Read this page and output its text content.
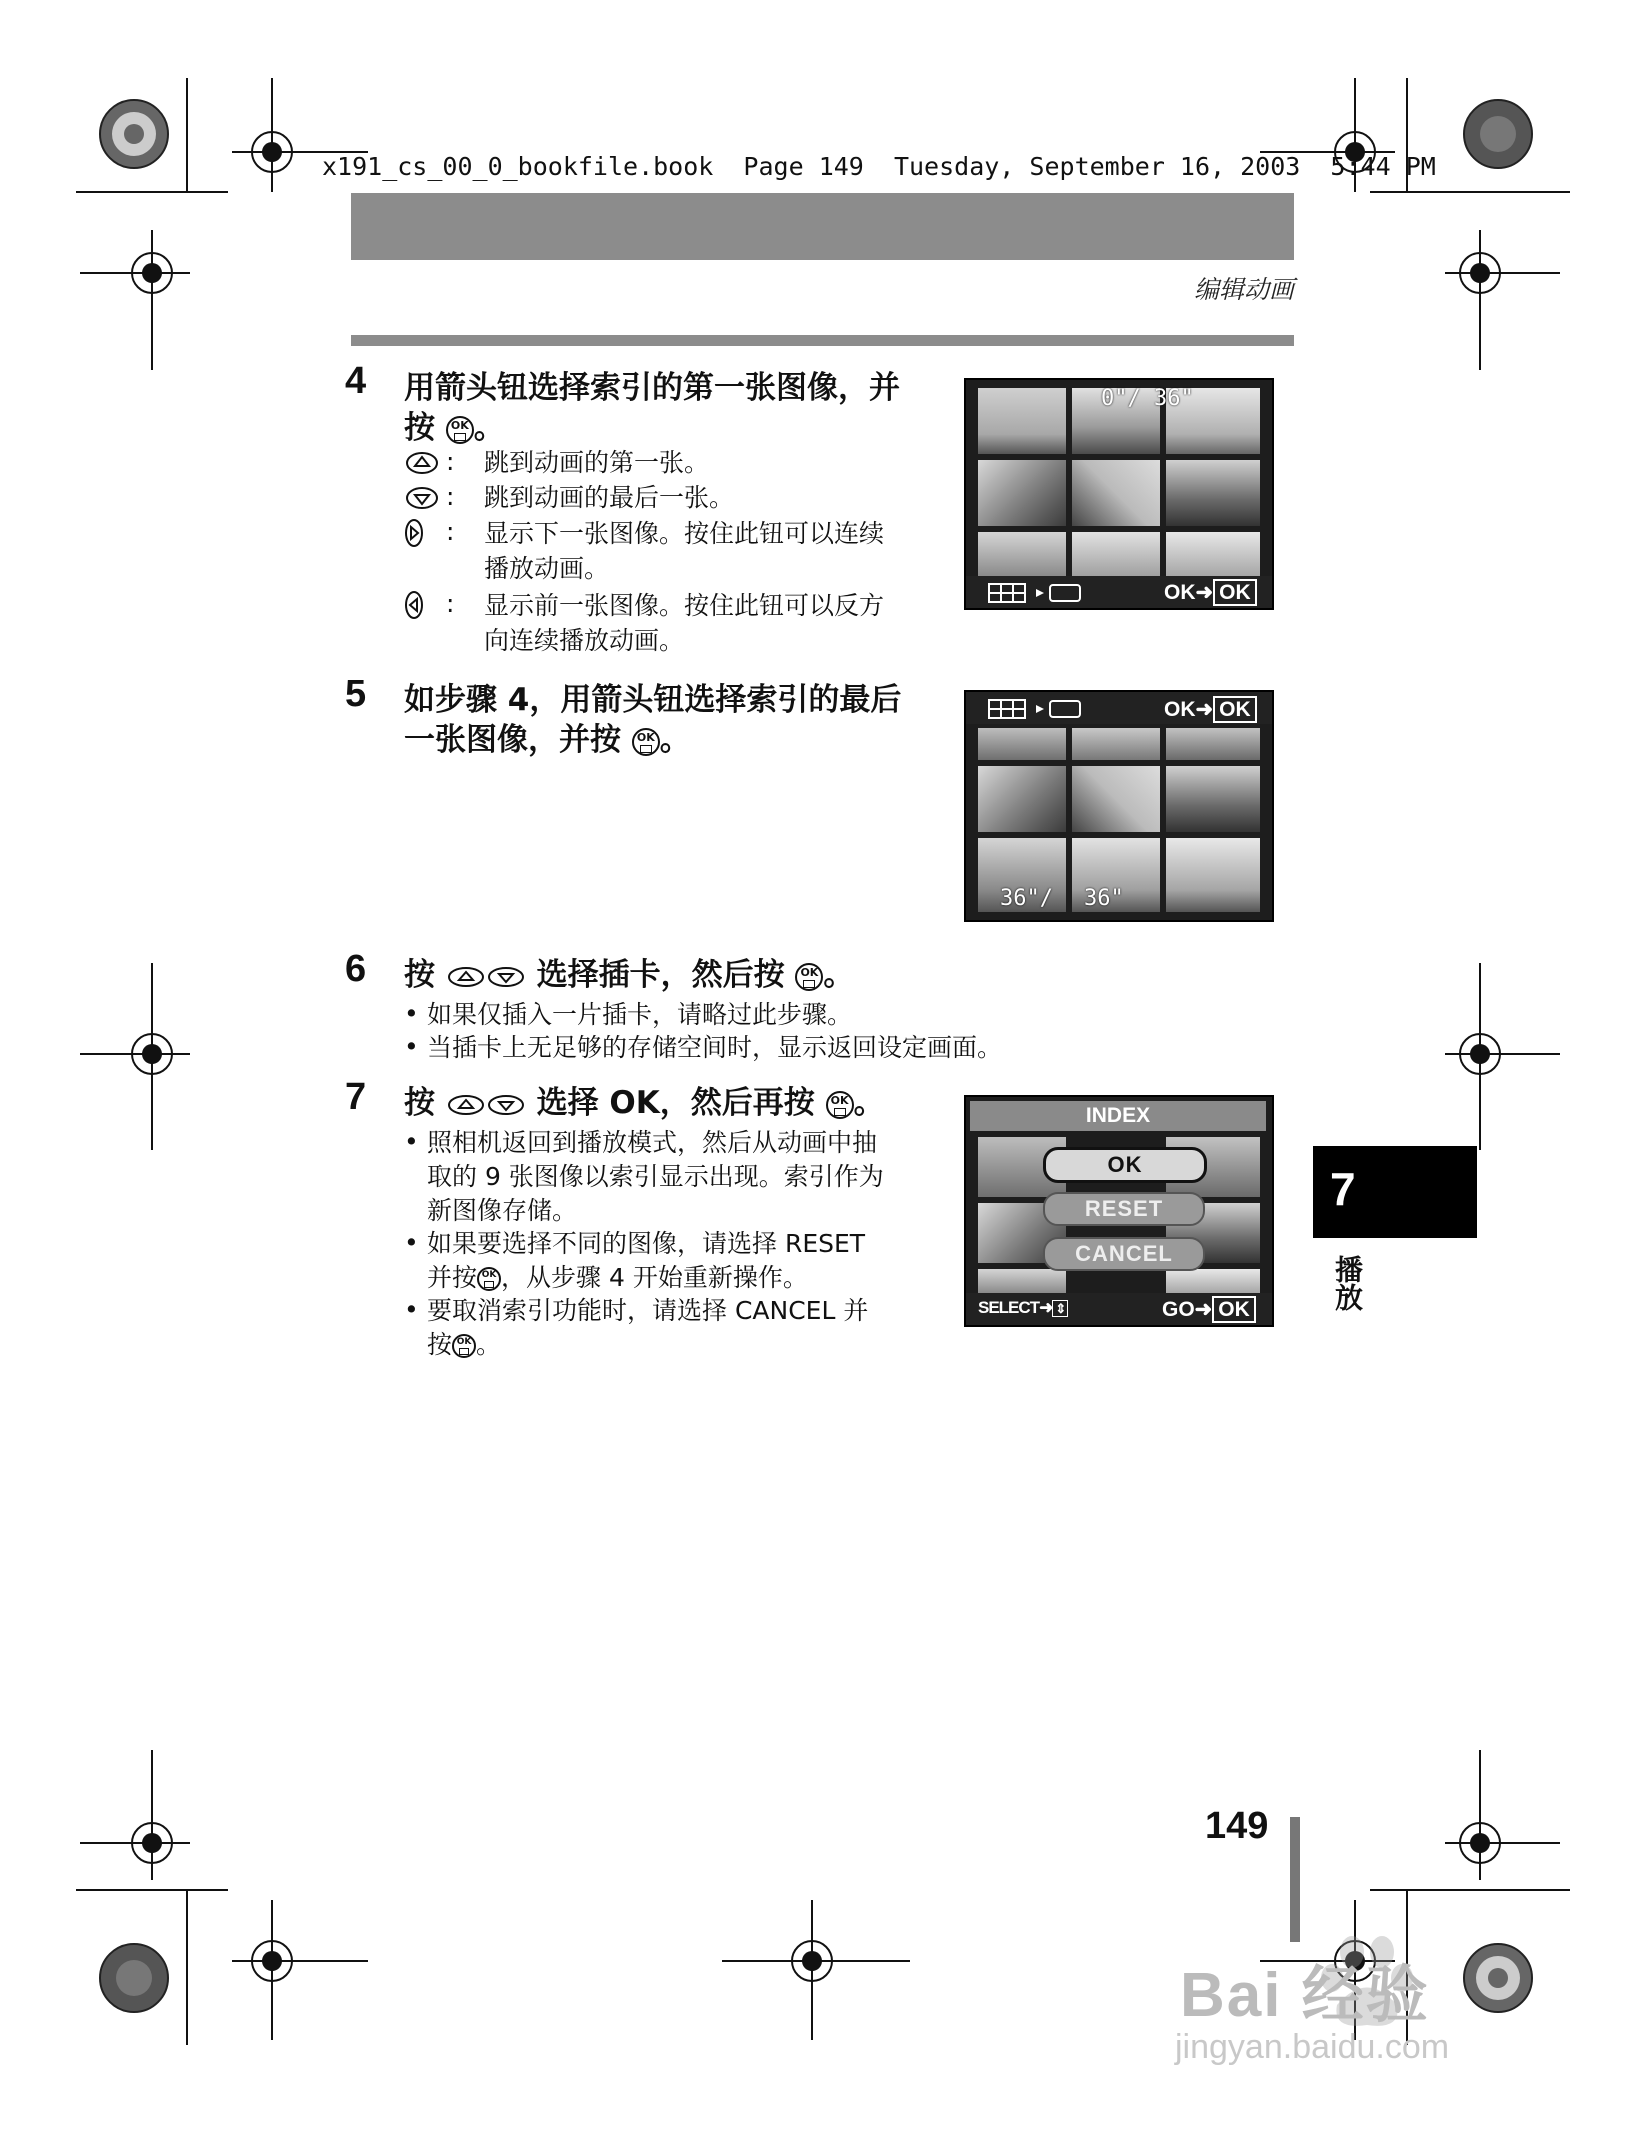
x191_cs_00_0_bookfile.book  Page 149  Tuesday, September 16, 2003  5:44 PM
编辑动画
4 用箭头钮选择索引的第一张图像，并
按 OK 。
: 跳到动画的第一张。
: 跳到动画的最后一张。
: 显示下一张图像。按住此钮可以连续
播放动画。
: 显示前一张图像。按住此钮可以反方
向连续播放动画。
0"/ 36"
OK➜ OK
5 如步骤 4，用箭头钮选择索引的最后
一张图像，并按 OK 。
OK➜ OK
36"/ 36"
6 按	选择插卡，然后按 OK 。
• 如果仅插入一片插卡，请略过此步骤。
• 当插卡上无足够的存储空间时，显示返回设定画面。
7 按	选择 OK，然后再按 OK 。
• 照相机返回到播放模式，然后从动画中抽
取的 9 张图像以索引显示出现。索引作为
新图像存储。
• 如果要选择不同的图像，请选择 RESET
并按 OK ，从步骤 4 开始重新操作。
• 要取消索引功能时，请选择 CANCEL 并
按 OK 。
INDEX
OK
RESET
CANCEL
SELECT➜ ⇕	GO➜ OK
7
播放
149
Bai 经验
jingyan.baidu.com
